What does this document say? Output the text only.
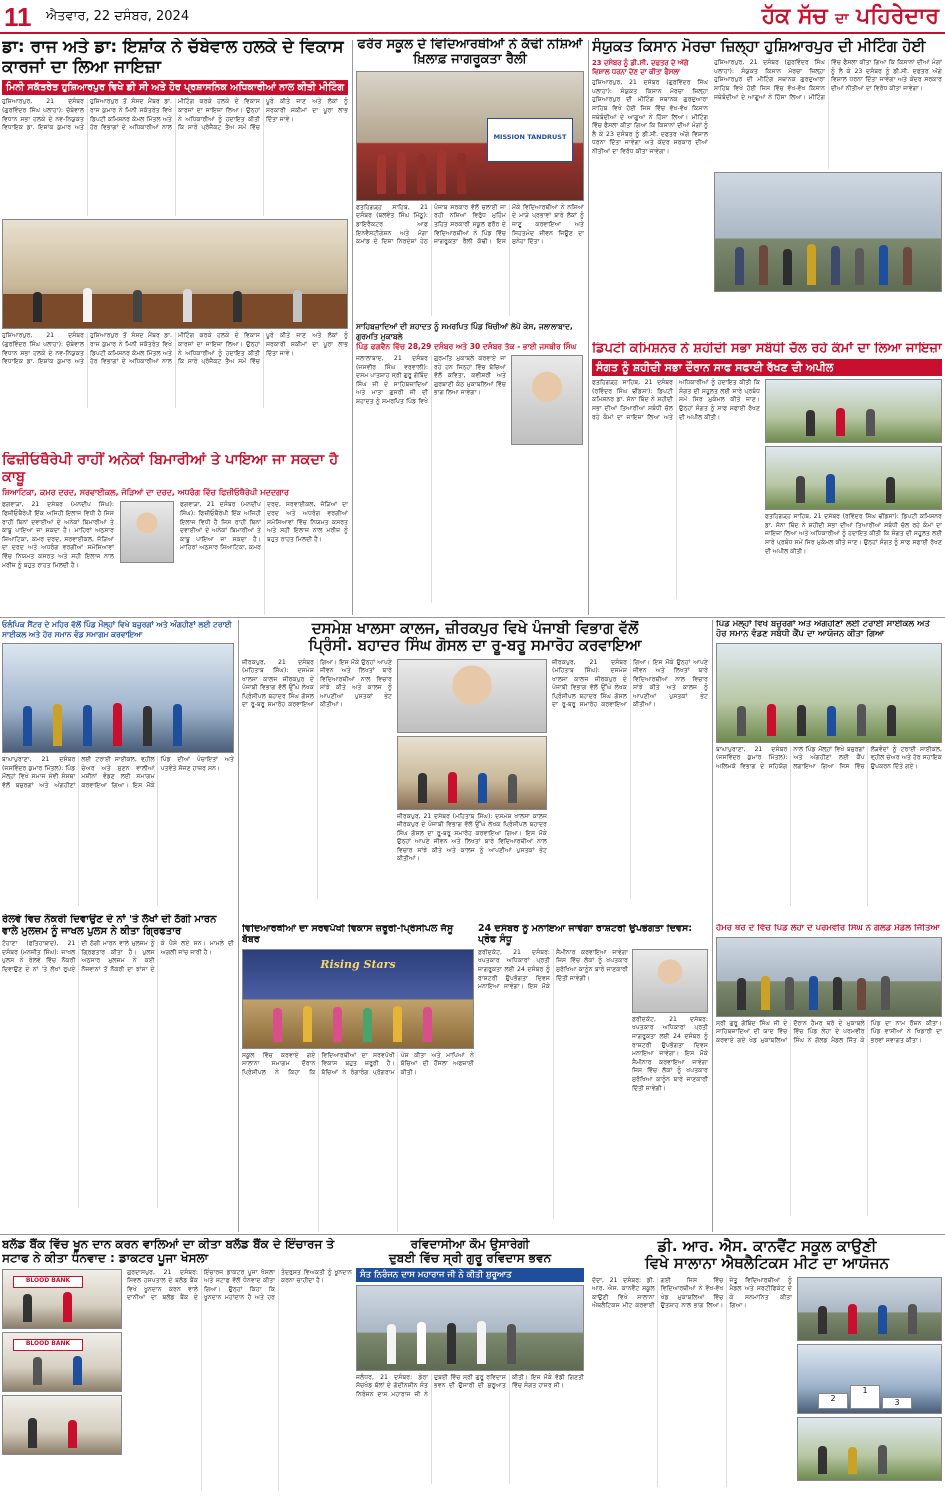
11 ਐਤਵਾਰ, 22 ਦਸੰਬਰ, 2024	ਹੱਕ ਸੱਚ ਦਾ ਪਹਿਰੇਦਾਰ
ਡਾ: ਰਾਜ ਅਤੇ ਡਾ: ਇਸ਼ਾਂਕ ਨੇ ਚੱਬੇਵਾਲ ਹਲਕੇ ਦੇ ਵਿਕਾਸ ਕਾਰਜਾਂ ਦਾ ਲਿਆ ਜਾਇਜ਼ਾ
ਮਿਨੀ ਸਕੱਤਰੇਤ ਹੁਸ਼ਿਆਰਪੁਰ ਵਿਖੇ ਡੀ ਸੀ ਅਤੇ ਹੋਰ ਪ੍ਰਸ਼ਾਸਨਿਕ ਅਧਿਕਾਰੀਆਂ ਨਾਲ ਕੀਤੀ ਮੀਟਿੰਗ
ਹੁਸ਼ਿਆਰਪੁਰ, 21 ਦਸੰਬਰ (ਗੁਰਵਿੰਦਰ ਸਿੰਘ ਪਲਾਹਾ): ਚੱਬੇਵਾਲ ਵਿਧਾਨ ਸਭਾ ਹਲਕੇ ਦੇ ਨਵ-ਨਿਯੁਕਤ ਵਿਧਾਇਕ ਡਾ. ਇਸ਼ਾਂਕ ਕੁਮਾਰ ਅਤੇ ਹੁਸ਼ਿਆਰਪੁਰ ਤੋਂ ਸੰਸਦ ਮੈਂਬਰ ਡਾ. ਰਾਜ ਕੁਮਾਰ ਨੇ ਮਿਨੀ ਸਕੱਤਰੇਤ ਵਿਖੇ ਡਿਪਟੀ ਕਮਿਸ਼ਨਰ ਕੋਮਲ ਮਿੱਤਲ ਅਤੇ ਹੋਰ ਵਿਭਾਗਾਂ ਦੇ ਅਧਿਕਾਰੀਆਂ ਨਾਲ ਮੀਟਿੰਗ ਕਰਕੇ ਹਲਕੇ ਦੇ ਵਿਕਾਸ ਕਾਰਜਾਂ ਦਾ ਜਾਇਜ਼ਾ ਲਿਆ। ਉਨ੍ਹਾਂ ਨੇ ਅਧਿਕਾਰੀਆਂ ਨੂੰ ਹਦਾਇਤ ਕੀਤੀ ਕਿ ਸਾਰੇ ਪ੍ਰੋਜੈਕਟ ਤੈਅ ਸਮੇਂ ਵਿੱਚ ਪੂਰੇ ਕੀਤੇ ਜਾਣ ਅਤੇ ਲੋਕਾਂ ਨੂੰ ਸਰਕਾਰੀ ਸਕੀਮਾਂ ਦਾ ਪੂਰਾ ਲਾਭ ਦਿੱਤਾ ਜਾਵੇ।
ਹੁਸ਼ਿਆਰਪੁਰ, 21 ਦਸੰਬਰ (ਗੁਰਵਿੰਦਰ ਸਿੰਘ ਪਲਾਹਾ): ਚੱਬੇਵਾਲ ਵਿਧਾਨ ਸਭਾ ਹਲਕੇ ਦੇ ਨਵ-ਨਿਯੁਕਤ ਵਿਧਾਇਕ ਡਾ. ਇਸ਼ਾਂਕ ਕੁਮਾਰ ਅਤੇ ਹੁਸ਼ਿਆਰਪੁਰ ਤੋਂ ਸੰਸਦ ਮੈਂਬਰ ਡਾ. ਰਾਜ ਕੁਮਾਰ ਨੇ ਮਿਨੀ ਸਕੱਤਰੇਤ ਵਿਖੇ ਡਿਪਟੀ ਕਮਿਸ਼ਨਰ ਕੋਮਲ ਮਿੱਤਲ ਅਤੇ ਹੋਰ ਵਿਭਾਗਾਂ ਦੇ ਅਧਿਕਾਰੀਆਂ ਨਾਲ ਮੀਟਿੰਗ ਕਰਕੇ ਹਲਕੇ ਦੇ ਵਿਕਾਸ ਕਾਰਜਾਂ ਦਾ ਜਾਇਜ਼ਾ ਲਿਆ। ਉਨ੍ਹਾਂ ਨੇ ਅਧਿਕਾਰੀਆਂ ਨੂੰ ਹਦਾਇਤ ਕੀਤੀ ਕਿ ਸਾਰੇ ਪ੍ਰੋਜੈਕਟ ਤੈਅ ਸਮੇਂ ਵਿੱਚ ਪੂਰੇ ਕੀਤੇ ਜਾਣ ਅਤੇ ਲੋਕਾਂ ਨੂੰ ਸਰਕਾਰੀ ਸਕੀਮਾਂ ਦਾ ਪੂਰਾ ਲਾਭ ਦਿੱਤਾ ਜਾਵੇ।
ਫਿਜ਼ੀਓਥੈਰੇਪੀ ਰਾਹੀਂ ਅਨੇਕਾਂ ਬਿਮਾਰੀਆਂ ਤੇ ਪਾਇਆ ਜਾ ਸਕਦਾ ਹੈ ਕਾਬੂ
ਸ਼ਿਆਟਿਕਾ, ਕਮਰ ਦਰਦ, ਸਰਵਾਈਕਲ, ਜੋੜਿਆਂ ਦਾ ਦਰਦ, ਅਧਰੰਗ ਵਿੱਚ ਫਿਜ਼ੀਓਥੈਰੇਪੀ ਮਦਦਗਾਰ
ਫਗਵਾੜਾ, 21 ਦਸੰਬਰ (ਮਨਦੀਪ ਸਿੰਘ): ਫਿਜ਼ੀਓਥੈਰੇਪੀ ਇੱਕ ਅਜਿਹੀ ਇਲਾਜ ਵਿਧੀ ਹੈ ਜਿਸ ਰਾਹੀਂ ਬਿਨਾਂ ਦਵਾਈਆਂ ਦੇ ਅਨੇਕਾਂ ਬਿਮਾਰੀਆਂ ਤੇ ਕਾਬੂ ਪਾਇਆ ਜਾ ਸਕਦਾ ਹੈ। ਮਾਹਿਰਾਂ ਅਨੁਸਾਰ ਸ਼ਿਆਟਿਕਾ, ਕਮਰ ਦਰਦ, ਸਰਵਾਈਕਲ, ਜੋੜਿਆਂ ਦਾ ਦਰਦ ਅਤੇ ਅਧਰੰਗ ਵਰਗੀਆਂ ਸਮੱਸਿਆਵਾਂ ਵਿੱਚ ਨਿਯਮਤ ਕਸਰਤ ਅਤੇ ਸਹੀ ਇਲਾਜ ਨਾਲ ਮਰੀਜ਼ ਨੂੰ ਬਹੁਤ ਰਾਹਤ ਮਿਲਦੀ ਹੈ।
ਫਗਵਾੜਾ, 21 ਦਸੰਬਰ (ਮਨਦੀਪ ਸਿੰਘ): ਫਿਜ਼ੀਓਥੈਰੇਪੀ ਇੱਕ ਅਜਿਹੀ ਇਲਾਜ ਵਿਧੀ ਹੈ ਜਿਸ ਰਾਹੀਂ ਬਿਨਾਂ ਦਵਾਈਆਂ ਦੇ ਅਨੇਕਾਂ ਬਿਮਾਰੀਆਂ ਤੇ ਕਾਬੂ ਪਾਇਆ ਜਾ ਸਕਦਾ ਹੈ। ਮਾਹਿਰਾਂ ਅਨੁਸਾਰ ਸ਼ਿਆਟਿਕਾ, ਕਮਰ ਦਰਦ, ਸਰਵਾਈਕਲ, ਜੋੜਿਆਂ ਦਾ ਦਰਦ ਅਤੇ ਅਧਰੰਗ ਵਰਗੀਆਂ ਸਮੱਸਿਆਵਾਂ ਵਿੱਚ ਨਿਯਮਤ ਕਸਰਤ ਅਤੇ ਸਹੀ ਇਲਾਜ ਨਾਲ ਮਰੀਜ਼ ਨੂੰ ਬਹੁਤ ਰਾਹਤ ਮਿਲਦੀ ਹੈ।
ਫਰੌਰ ਸਕੂਲ ਦੇ ਵਿਦਿਆਰਥੀਆਂ ਨੇ ਕੱਢੀ ਨਸ਼ਿਆਂ ਖ਼ਿਲਾਫ਼ ਜਾਗਰੂਕਤਾ ਰੈਲੀ
MISSION TANDRUST
ਫਤਹਿਗੜ੍ਹ ਸਾਹਿਬ, 21 ਦਸੰਬਰ (ਬਲਵੰਤ ਸਿੰਘ ਮਿੱਠੂ): ਡਾਇਰੈਕਟਰ ਆਫ ਇਨਵੈਸਟੀਗੇਸ਼ਨ ਅਤੇ ਮੋਗਾ ਕਮਾਂਡ ਦੇ ਦਿਸ਼ਾ ਨਿਰਦੇਸ਼ਾਂ ਹੇਠ ਪੰਜਾਬ ਸਰਕਾਰ ਵੱਲੋਂ ਚਲਾਈ ਜਾ ਰਹੀ ਨਸ਼ਿਆਂ ਵਿਰੁੱਧ ਮੁਹਿੰਮ ਤਹਿਤ ਸਰਕਾਰੀ ਸਕੂਲ ਫਰੌਰ ਦੇ ਵਿਦਿਆਰਥੀਆਂ ਨੇ ਪਿੰਡ ਵਿੱਚ ਜਾਗਰੂਕਤਾ ਰੈਲੀ ਕੱਢੀ। ਇਸ ਮੌਕੇ ਵਿਦਿਆਰਥੀਆਂ ਨੇ ਨਸ਼ਿਆਂ ਦੇ ਮਾੜੇ ਪ੍ਰਭਾਵਾਂ ਬਾਰੇ ਲੋਕਾਂ ਨੂੰ ਜਾਣੂ ਕਰਵਾਇਆ ਅਤੇ ਸਿਹਤਮੰਦ ਜੀਵਨ ਜਿਊਣ ਦਾ ਸੁਨੇਹਾ ਦਿੱਤਾ।
ਸਾਹਿਬਜ਼ਾਦਿਆਂ ਦੀ ਸ਼ਹਾਦਤ ਨੂੰ ਸਮਰਪਿਤ ਪਿੰਡ ਖਿੱਚੀਆਂ ਲੋਪੋ ਕੇਸ, ਜਲਾਲਾਬਾਦ, ਗੁਰਮਤਿ ਮੁਕਾਬਲੇ
ਪਿੰਡ ਫਗਵੈਨ ਵਿੱਚ 28,29 ਦਸੰਬਰ ਅਤੇ 30 ਦਸੰਬਰ ਤੱਕ - ਭਾਈ ਜਸਬੀਰ ਸਿੰਘ
ਜਲਾਲਾਬਾਦ, 21 ਦਸੰਬਰ (ਜਸਵੀਰ ਸਿੰਘ ਵਰਵਾਲੀ): ਦਸਮ ਪਾਤਸ਼ਾਹ ਸ੍ਰੀ ਗੁਰੂ ਗੋਬਿੰਦ ਸਿੰਘ ਜੀ ਦੇ ਸਾਹਿਬਜ਼ਾਦਿਆਂ ਅਤੇ ਮਾਤਾ ਗੁਜਰੀ ਜੀ ਦੀ ਸ਼ਹਾਦਤ ਨੂੰ ਸਮਰਪਿਤ ਪਿੰਡ ਵਿਖੇ ਗੁਰਮਤਿ ਮੁਕਾਬਲੇ ਕਰਵਾਏ ਜਾ ਰਹੇ ਹਨ ਜਿਨ੍ਹਾਂ ਵਿੱਚ ਬੱਚਿਆਂ ਵੱਲੋਂ ਕਵਿਤਾ, ਕਵੀਸ਼ਰੀ ਅਤੇ ਗੁਰਬਾਣੀ ਕੰਠ ਮੁਕਾਬਲਿਆਂ ਵਿੱਚ ਭਾਗ ਲਿਆ ਜਾਵੇਗਾ।
ਸੰਯੁਕਤ ਕਿਸਾਨ ਮੋਰਚਾ ਜ਼ਿਲ੍ਹਾ ਹੁਸ਼ਿਆਰਪੁਰ ਦੀ ਮੀਟਿੰਗ ਹੋਈ
23 ਦਸੰਬਰ ਨੂੰ ਡੀ.ਸੀ. ਦਫਤਰ ਦੇ ਅੱਗੇ ਵਿਸ਼ਾਲ ਧਰਨਾ ਦੇਣ ਦਾ ਕੀਤਾ ਫੈਸਲਾ
ਹੁਸ਼ਿਆਰਪੁਰ, 21 ਦਸੰਬਰ (ਗੁਰਵਿੰਦਰ ਸਿੰਘ ਪਲਾਹਾ): ਸੰਯੁਕਤ ਕਿਸਾਨ ਮੋਰਚਾ ਜ਼ਿਲ੍ਹਾ ਹੁਸ਼ਿਆਰਪੁਰ ਦੀ ਮੀਟਿੰਗ ਸਥਾਨਕ ਗੁਰਦੁਆਰਾ ਸਾਹਿਬ ਵਿਖੇ ਹੋਈ ਜਿਸ ਵਿੱਚ ਵੱਖ-ਵੱਖ ਕਿਸਾਨ ਜਥੇਬੰਦੀਆਂ ਦੇ ਆਗੂਆਂ ਨੇ ਹਿੱਸਾ ਲਿਆ। ਮੀਟਿੰਗ ਵਿੱਚ ਫੈਸਲਾ ਕੀਤਾ ਗਿਆ ਕਿ ਕਿਸਾਨਾਂ ਦੀਆਂ ਮੰਗਾਂ ਨੂੰ ਲੈ ਕੇ 23 ਦਸੰਬਰ ਨੂੰ ਡੀ.ਸੀ. ਦਫਤਰ ਅੱਗੇ ਵਿਸ਼ਾਲ ਧਰਨਾ ਦਿੱਤਾ ਜਾਵੇਗਾ ਅਤੇ ਕੇਂਦਰ ਸਰਕਾਰ ਦੀਆਂ ਨੀਤੀਆਂ ਦਾ ਵਿਰੋਧ ਕੀਤਾ ਜਾਵੇਗਾ।
ਹੁਸ਼ਿਆਰਪੁਰ, 21 ਦਸੰਬਰ (ਗੁਰਵਿੰਦਰ ਸਿੰਘ ਪਲਾਹਾ): ਸੰਯੁਕਤ ਕਿਸਾਨ ਮੋਰਚਾ ਜ਼ਿਲ੍ਹਾ ਹੁਸ਼ਿਆਰਪੁਰ ਦੀ ਮੀਟਿੰਗ ਸਥਾਨਕ ਗੁਰਦੁਆਰਾ ਸਾਹਿਬ ਵਿਖੇ ਹੋਈ ਜਿਸ ਵਿੱਚ ਵੱਖ-ਵੱਖ ਕਿਸਾਨ ਜਥੇਬੰਦੀਆਂ ਦੇ ਆਗੂਆਂ ਨੇ ਹਿੱਸਾ ਲਿਆ। ਮੀਟਿੰਗ ਵਿੱਚ ਫੈਸਲਾ ਕੀਤਾ ਗਿਆ ਕਿ ਕਿਸਾਨਾਂ ਦੀਆਂ ਮੰਗਾਂ ਨੂੰ ਲੈ ਕੇ 23 ਦਸੰਬਰ ਨੂੰ ਡੀ.ਸੀ. ਦਫਤਰ ਅੱਗੇ ਵਿਸ਼ਾਲ ਧਰਨਾ ਦਿੱਤਾ ਜਾਵੇਗਾ ਅਤੇ ਕੇਂਦਰ ਸਰਕਾਰ ਦੀਆਂ ਨੀਤੀਆਂ ਦਾ ਵਿਰੋਧ ਕੀਤਾ ਜਾਵੇਗਾ।
ਡਿਪਟੀ ਕਮਿਸ਼ਨਰ ਨੇ ਸ਼ਹੀਦੀ ਸਭਾ ਸਬੰਧੀ ਚੱਲ ਰਹੇ ਕੰਮਾਂ ਦਾ ਲਿਆ ਜਾਇਜ਼ਾ
ਸੰਗਤ ਨੂੰ ਸ਼ਹੀਦੀ ਸਭਾ ਦੌਰਾਨ ਸਾਫ ਸਫਾਈ ਰੱਖਣ ਦੀ ਅਪੀਲ
ਫਤਹਿਗੜ੍ਹ ਸਾਹਿਬ, 21 ਦਸੰਬਰ (ਰਵਿੰਦਰ ਸਿੰਘ ਢੀਂਡਸਾ): ਡਿਪਟੀ ਕਮਿਸ਼ਨਰ ਡਾ. ਸੋਨਾ ਥਿੰਦ ਨੇ ਸ਼ਹੀਦੀ ਸਭਾ ਦੀਆਂ ਤਿਆਰੀਆਂ ਸਬੰਧੀ ਚੱਲ ਰਹੇ ਕੰਮਾਂ ਦਾ ਜਾਇਜ਼ਾ ਲਿਆ ਅਤੇ ਅਧਿਕਾਰੀਆਂ ਨੂੰ ਹਦਾਇਤ ਕੀਤੀ ਕਿ ਸੰਗਤ ਦੀ ਸਹੂਲਤ ਲਈ ਸਾਰੇ ਪ੍ਰਬੰਧ ਸਮੇਂ ਸਿਰ ਮੁਕੰਮਲ ਕੀਤੇ ਜਾਣ। ਉਨ੍ਹਾਂ ਸੰਗਤ ਨੂੰ ਸਾਫ ਸਫਾਈ ਰੱਖਣ ਦੀ ਅਪੀਲ ਕੀਤੀ।
ਫਤਹਿਗੜ੍ਹ ਸਾਹਿਬ, 21 ਦਸੰਬਰ (ਰਵਿੰਦਰ ਸਿੰਘ ਢੀਂਡਸਾ): ਡਿਪਟੀ ਕਮਿਸ਼ਨਰ ਡਾ. ਸੋਨਾ ਥਿੰਦ ਨੇ ਸ਼ਹੀਦੀ ਸਭਾ ਦੀਆਂ ਤਿਆਰੀਆਂ ਸਬੰਧੀ ਚੱਲ ਰਹੇ ਕੰਮਾਂ ਦਾ ਜਾਇਜ਼ਾ ਲਿਆ ਅਤੇ ਅਧਿਕਾਰੀਆਂ ਨੂੰ ਹਦਾਇਤ ਕੀਤੀ ਕਿ ਸੰਗਤ ਦੀ ਸਹੂਲਤ ਲਈ ਸਾਰੇ ਪ੍ਰਬੰਧ ਸਮੇਂ ਸਿਰ ਮੁਕੰਮਲ ਕੀਤੇ ਜਾਣ। ਉਨ੍ਹਾਂ ਸੰਗਤ ਨੂੰ ਸਾਫ ਸਫਾਈ ਰੱਖਣ ਦੀ ਅਪੀਲ ਕੀਤੀ।
ਓਲੰਪਿਕ ਸੈਂਟਰ ਦੇ ਮਹਿਰ ਵੱਲੋਂ ਪਿੰਡ ਮੌਲ੍ਹਾਂ ਵਿਖੇ ਬਜ਼ੁਰਗਾਂ ਅਤੇ ਅੰਗਹੀਣਾਂ ਲਈ ਟਰਾਈ ਸਾਈਕਲ ਅਤੇ ਹੋਰ ਸਮਾਨ ਵੰਡ ਸਮਾਗਮ ਕਰਵਾਇਆ
ਬਾਘਾਪੁਰਾਣਾ, 21 ਦਸੰਬਰ (ਜਸਵਿੰਦਰ ਕੁਮਾਰ ਮਿੱਤਲ): ਪਿੰਡ ਮੌਲ੍ਹਾਂ ਵਿਖੇ ਸਮਾਜ ਸੇਵੀ ਸੰਸਥਾ ਵੱਲੋਂ ਬਜ਼ੁਰਗਾਂ ਅਤੇ ਅੰਗਹੀਣਾਂ ਲਈ ਟਰਾਈ ਸਾਈਕਲ, ਵ੍ਹੀਲ ਚੇਅਰ ਅਤੇ ਸੁਣਨ ਵਾਲੀਆਂ ਮਸ਼ੀਨਾਂ ਵੰਡਣ ਲਈ ਸਮਾਗਮ ਕਰਵਾਇਆ ਗਿਆ। ਇਸ ਮੌਕੇ ਪਿੰਡ ਦੀਆਂ ਪੰਚਾਇਤਾਂ ਅਤੇ ਪਤਵੰਤੇ ਸੱਜਣ ਹਾਜ਼ਰ ਸਨ।
ਰੇਲਵੇ ਵਿਚ ਨੌਕਰੀ ਦਿਵਾਉਣ ਦੇ ਨਾਂ 'ਤੇ ਲੱਖਾਂ ਦੀ ਠੱਗੀ ਮਾਰਨ ਵਾਲੇ ਮੁਲਜ਼ਮ ਨੂੰ ਜਾਖਲ ਪੁਲਸ ਨੇ ਕੀਤਾ ਗ੍ਰਿਫਤਾਰ
ਟੋਹਾਣਾ (ਫਤਿਹਾਬਾਦ), 21 ਦਸੰਬਰ (ਮਨਜੀਤ ਸਿੰਘ): ਜਾਖਲ ਪੁਲਸ ਨੇ ਰੇਲਵੇ ਵਿੱਚ ਨੌਕਰੀ ਦਿਵਾਉਣ ਦੇ ਨਾਂ 'ਤੇ ਲੱਖਾਂ ਰੁਪਏ ਦੀ ਠੱਗੀ ਮਾਰਨ ਵਾਲੇ ਮੁਲਜ਼ਮ ਨੂੰ ਗ੍ਰਿਫਤਾਰ ਕੀਤਾ ਹੈ। ਪੁਲਸ ਅਨੁਸਾਰ ਮੁਲਜ਼ਮ ਨੇ ਕਈ ਨੌਜਵਾਨਾਂ ਤੋਂ ਨੌਕਰੀ ਦਾ ਝਾਂਸਾ ਦੇ ਕੇ ਪੈਸੇ ਲਏ ਸਨ। ਮਾਮਲੇ ਦੀ ਅਗਲੀ ਜਾਂਚ ਜਾਰੀ ਹੈ।
ਦਸਮੇਸ਼ ਖਾਲਸਾ ਕਾਲਜ, ਜ਼ੀਰਕਪੁਰ ਵਿਖੇ ਪੰਜਾਬੀ ਵਿਭਾਗ ਵੱਲੋਂ
ਪ੍ਰਿੰਸੀ. ਬਹਾਦਰ ਸਿੰਘ ਗੋਸਲ ਦਾ ਰੂ-ਬਰੂ ਸਮਾਰੋਹ ਕਰਵਾਇਆ
ਜ਼ੀਰਕਪੁਰ, 21 ਦਸੰਬਰ (ਮਹਿਤਾਬ ਸਿੰਘ): ਦਸਮੇਸ਼ ਖਾਲਸਾ ਕਾਲਜ ਜ਼ੀਰਕਪੁਰ ਦੇ ਪੰਜਾਬੀ ਵਿਭਾਗ ਵੱਲੋਂ ਉੱਘੇ ਲੇਖਕ ਪ੍ਰਿੰਸੀਪਲ ਬਹਾਦਰ ਸਿੰਘ ਗੋਸਲ ਦਾ ਰੂ-ਬਰੂ ਸਮਾਰੋਹ ਕਰਵਾਇਆ ਗਿਆ। ਇਸ ਮੌਕੇ ਉਨ੍ਹਾਂ ਆਪਣੇ ਜੀਵਨ ਅਤੇ ਲਿਖਤਾਂ ਬਾਰੇ ਵਿਦਿਆਰਥੀਆਂ ਨਾਲ ਵਿਚਾਰ ਸਾਂਝੇ ਕੀਤੇ ਅਤੇ ਕਾਲਜ ਨੂੰ ਆਪਣੀਆਂ ਪੁਸਤਕਾਂ ਭੇਟ ਕੀਤੀਆਂ।
ਜ਼ੀਰਕਪੁਰ, 21 ਦਸੰਬਰ (ਮਹਿਤਾਬ ਸਿੰਘ): ਦਸਮੇਸ਼ ਖਾਲਸਾ ਕਾਲਜ ਜ਼ੀਰਕਪੁਰ ਦੇ ਪੰਜਾਬੀ ਵਿਭਾਗ ਵੱਲੋਂ ਉੱਘੇ ਲੇਖਕ ਪ੍ਰਿੰਸੀਪਲ ਬਹਾਦਰ ਸਿੰਘ ਗੋਸਲ ਦਾ ਰੂ-ਬਰੂ ਸਮਾਰੋਹ ਕਰਵਾਇਆ ਗਿਆ। ਇਸ ਮੌਕੇ ਉਨ੍ਹਾਂ ਆਪਣੇ ਜੀਵਨ ਅਤੇ ਲਿਖਤਾਂ ਬਾਰੇ ਵਿਦਿਆਰਥੀਆਂ ਨਾਲ ਵਿਚਾਰ ਸਾਂਝੇ ਕੀਤੇ ਅਤੇ ਕਾਲਜ ਨੂੰ ਆਪਣੀਆਂ ਪੁਸਤਕਾਂ ਭੇਟ ਕੀਤੀਆਂ।
ਜ਼ੀਰਕਪੁਰ, 21 ਦਸੰਬਰ (ਮਹਿਤਾਬ ਸਿੰਘ): ਦਸਮੇਸ਼ ਖਾਲਸਾ ਕਾਲਜ ਜ਼ੀਰਕਪੁਰ ਦੇ ਪੰਜਾਬੀ ਵਿਭਾਗ ਵੱਲੋਂ ਉੱਘੇ ਲੇਖਕ ਪ੍ਰਿੰਸੀਪਲ ਬਹਾਦਰ ਸਿੰਘ ਗੋਸਲ ਦਾ ਰੂ-ਬਰੂ ਸਮਾਰੋਹ ਕਰਵਾਇਆ ਗਿਆ। ਇਸ ਮੌਕੇ ਉਨ੍ਹਾਂ ਆਪਣੇ ਜੀਵਨ ਅਤੇ ਲਿਖਤਾਂ ਬਾਰੇ ਵਿਦਿਆਰਥੀਆਂ ਨਾਲ ਵਿਚਾਰ ਸਾਂਝੇ ਕੀਤੇ ਅਤੇ ਕਾਲਜ ਨੂੰ ਆਪਣੀਆਂ ਪੁਸਤਕਾਂ ਭੇਟ ਕੀਤੀਆਂ।
ਵਿਦਿਆਰਥੀਆਂ ਦਾ ਸਰਵਪੱਖੀ ਵਿਕਾਸ ਜ਼ਰੂਰੀ-ਪ੍ਰਿੰਸੀਪਲ ਜੱਸੂ ਬੱਬਰ
Rising Stars
ਸਕੂਲ ਵਿੱਚ ਕਰਵਾਏ ਗਏ ਸਾਲਾਨਾ ਸਮਾਗਮ ਦੌਰਾਨ ਪ੍ਰਿੰਸੀਪਲ ਨੇ ਕਿਹਾ ਕਿ ਵਿਦਿਆਰਥੀਆਂ ਦਾ ਸਰਵਪੱਖੀ ਵਿਕਾਸ ਬਹੁਤ ਜ਼ਰੂਰੀ ਹੈ। ਬੱਚਿਆਂ ਨੇ ਰੰਗਾਰੰਗ ਪ੍ਰੋਗਰਾਮ ਪੇਸ਼ ਕੀਤਾ ਅਤੇ ਮਾਪਿਆਂ ਨੇ ਬੱਚਿਆਂ ਦੀ ਹੌਂਸਲਾ ਅਫਜ਼ਾਈ ਕੀਤੀ।
24 ਦਸੰਬਰ ਨੂੰ ਮਨਾਇਆ ਜਾਵੇਗਾ ਰਾਸ਼ਟਰੀ ਉਪਭੋਗਤਾ ਦਿਵਸ: ਪ੍ਰੋਫ ਸੰਧੂ
ਫ਼ਰੀਦਕੋਟ, 21 ਦਸੰਬਰ: ਖਪਤਕਾਰ ਅਧਿਕਾਰਾਂ ਪ੍ਰਤੀ ਜਾਗਰੂਕਤਾ ਲਈ 24 ਦਸੰਬਰ ਨੂੰ ਰਾਸ਼ਟਰੀ ਉਪਭੋਗਤਾ ਦਿਵਸ ਮਨਾਇਆ ਜਾਵੇਗਾ। ਇਸ ਮੌਕੇ ਸੈਮੀਨਾਰ ਕਰਵਾਇਆ ਜਾਵੇਗਾ ਜਿਸ ਵਿੱਚ ਲੋਕਾਂ ਨੂੰ ਖਪਤਕਾਰ ਸੁਰੱਖਿਆ ਕਾਨੂੰਨ ਬਾਰੇ ਜਾਣਕਾਰੀ ਦਿੱਤੀ ਜਾਵੇਗੀ।
ਫ਼ਰੀਦਕੋਟ, 21 ਦਸੰਬਰ: ਖਪਤਕਾਰ ਅਧਿਕਾਰਾਂ ਪ੍ਰਤੀ ਜਾਗਰੂਕਤਾ ਲਈ 24 ਦਸੰਬਰ ਨੂੰ ਰਾਸ਼ਟਰੀ ਉਪਭੋਗਤਾ ਦਿਵਸ ਮਨਾਇਆ ਜਾਵੇਗਾ। ਇਸ ਮੌਕੇ ਸੈਮੀਨਾਰ ਕਰਵਾਇਆ ਜਾਵੇਗਾ ਜਿਸ ਵਿੱਚ ਲੋਕਾਂ ਨੂੰ ਖਪਤਕਾਰ ਸੁਰੱਖਿਆ ਕਾਨੂੰਨ ਬਾਰੇ ਜਾਣਕਾਰੀ ਦਿੱਤੀ ਜਾਵੇਗੀ।
ਪਿੰਡ ਮੌਲ੍ਹਾਂ ਵਿਖੇ ਬਜ਼ੁਰਗਾਂ ਅਤੇ ਅੰਗਹੀਣਾਂ ਲਈ ਟਰਾਈ ਸਾਈਕਲ ਅਤੇ ਹੋਰ ਸਮਾਨ ਵੰਡਣ ਸਬੰਧੀ ਕੈਂਪ ਦਾ ਆਯੋਜਨ ਕੀਤਾ ਗਿਆ
ਬਾਘਾਪੁਰਾਣਾ, 21 ਦਸੰਬਰ (ਜਸਵਿੰਦਰ ਕੁਮਾਰ ਮਿੱਤਲ): ਅਲਿਮਕੋ ਵਿਭਾਗ ਦੇ ਸਹਿਯੋਗ ਨਾਲ ਪਿੰਡ ਮੌਲ੍ਹਾਂ ਵਿਖੇ ਬਜ਼ੁਰਗਾਂ ਅਤੇ ਅੰਗਹੀਣਾਂ ਲਈ ਕੈਂਪ ਲਗਾਇਆ ਗਿਆ ਜਿਸ ਵਿੱਚ ਲੋੜਵੰਦਾਂ ਨੂੰ ਟਰਾਈ ਸਾਈਕਲ, ਵ੍ਹੀਲ ਚੇਅਰ ਅਤੇ ਹੋਰ ਸਹਾਇਕ ਉਪਕਰਨ ਦਿੱਤੇ ਗਏ।
ਹੈਮਰ ਥਰੋ ਦੇ ਵਿੱਚ ਪਿੰਡ ਲੇਹਾ ਦੇ ਪਰਮਵੀਰ ਸਿੰਘ ਨੇ ਗੋਲਡ ਮੈਡਲ ਜਿੱਤਿਆ
ਸ੍ਰੀ ਗੁਰੂ ਗੋਬਿੰਦ ਸਿੰਘ ਜੀ ਦੇ ਸਾਹਿਬਜ਼ਾਦਿਆਂ ਦੀ ਯਾਦ ਵਿੱਚ ਕਰਵਾਏ ਗਏ ਖੇਡ ਮੁਕਾਬਲਿਆਂ ਦੌਰਾਨ ਹੈਮਰ ਥਰੋ ਦੇ ਮੁਕਾਬਲੇ ਵਿੱਚ ਪਿੰਡ ਲੇਹਾ ਦੇ ਪਰਮਵੀਰ ਸਿੰਘ ਨੇ ਗੋਲਡ ਮੈਡਲ ਜਿੱਤ ਕੇ ਪਿੰਡ ਦਾ ਨਾਮ ਰੌਸ਼ਨ ਕੀਤਾ। ਪਿੰਡ ਵਾਸੀਆਂ ਨੇ ਖਿਡਾਰੀ ਦਾ ਭਰਵਾਂ ਸਵਾਗਤ ਕੀਤਾ।
ਬਲੱਡ ਬੈਂਕ ਵਿੱਚ ਖੂਨ ਦਾਨ ਕਰਨ ਵਾਲਿਆਂ ਦਾ ਕੀਤਾ ਬਲੱਡ ਬੈਂਕ ਦੇ ਇੰਚਾਰਜ ਤੇ ਸਟਾਫ ਨੇ ਕੀਤਾ ਧੰਨਵਾਦ : ਡਾਕਟਰ ਪੂਜਾ ਖੋਸਲਾ
BLOOD BANK
BLOOD BANK
ਗੁਰਦਾਸਪੁਰ, 21 ਦਸੰਬਰ: ਸਿਵਲ ਹਸਪਤਾਲ ਦੇ ਬਲੱਡ ਬੈਂਕ ਵਿਖੇ ਖੂਨਦਾਨ ਕਰਨ ਵਾਲੇ ਦਾਨੀਆਂ ਦਾ ਬਲੱਡ ਬੈਂਕ ਦੇ ਇੰਚਾਰਜ ਡਾਕਟਰ ਪੂਜਾ ਖੋਸਲਾ ਅਤੇ ਸਟਾਫ ਵੱਲੋਂ ਧੰਨਵਾਦ ਕੀਤਾ ਗਿਆ। ਉਨ੍ਹਾਂ ਕਿਹਾ ਕਿ ਖੂਨਦਾਨ ਮਹਾਂਦਾਨ ਹੈ ਅਤੇ ਹਰ ਤੰਦਰੁਸਤ ਵਿਅਕਤੀ ਨੂੰ ਖੂਨਦਾਨ ਕਰਨਾ ਚਾਹੀਦਾ ਹੈ।
ਰਵਿਦਾਸੀਆ ਕੌਮ ਉਸਾਰੇਗੀ
ਦੁਬਈ ਵਿੱਚ ਸ੍ਰੀ ਗੁਰੂ ਰਵਿਦਾਸ ਭਵਨ
ਸੰਤ ਨਿਰੰਜਨ ਦਾਸ ਮਹਾਰਾਜ ਜੀ ਨੇ ਕੀਤੀ ਸ਼ੁਰੂਆਤ
ਜਲੰਧਰ, 21 ਦਸੰਬਰ: ਡੇਰਾ ਸੱਚਖੰਡ ਬੱਲਾਂ ਦੇ ਗੱਦੀਨਸ਼ੀਨ ਸੰਤ ਨਿਰੰਜਨ ਦਾਸ ਮਹਾਰਾਜ ਜੀ ਨੇ ਦੁਬਈ ਵਿੱਚ ਸ੍ਰੀ ਗੁਰੂ ਰਵਿਦਾਸ ਭਵਨ ਦੀ ਉਸਾਰੀ ਦੀ ਸ਼ੁਰੂਆਤ ਕੀਤੀ। ਇਸ ਮੌਕੇ ਵੱਡੀ ਗਿਣਤੀ ਵਿੱਚ ਸੰਗਤ ਹਾਜ਼ਰ ਸੀ।
ਡੀ. ਆਰ. ਐਸ. ਕਾਨਵੈਂਟ ਸਕੂਲ ਕਾਉਣੀ
ਵਿਖੇ ਸਾਲਾਨਾ ਐਥਲੈਟਿਕਸ ਮੀਟ ਦਾ ਆਯੋਜਨ
ਦੋਦਾ, 21 ਦਸੰਬਰ: ਡੀ. ਆਰ. ਐਸ. ਕਾਨਵੈਂਟ ਸਕੂਲ ਕਾਉਣੀ ਵਿਖੇ ਸਾਲਾਨਾ ਐਥਲੈਟਿਕਸ ਮੀਟ ਕਰਵਾਈ ਗਈ ਜਿਸ ਵਿੱਚ ਵਿਦਿਆਰਥੀਆਂ ਨੇ ਵੱਖ-ਵੱਖ ਖੇਡ ਮੁਕਾਬਲਿਆਂ ਵਿੱਚ ਉਤਸ਼ਾਹ ਨਾਲ ਭਾਗ ਲਿਆ। ਜੇਤੂ ਵਿਦਿਆਰਥੀਆਂ ਨੂੰ ਮੈਡਲ ਅਤੇ ਸਰਟੀਫਿਕੇਟ ਦੇ ਕੇ ਸਨਮਾਨਿਤ ਕੀਤਾ ਗਿਆ।
2
1
3
